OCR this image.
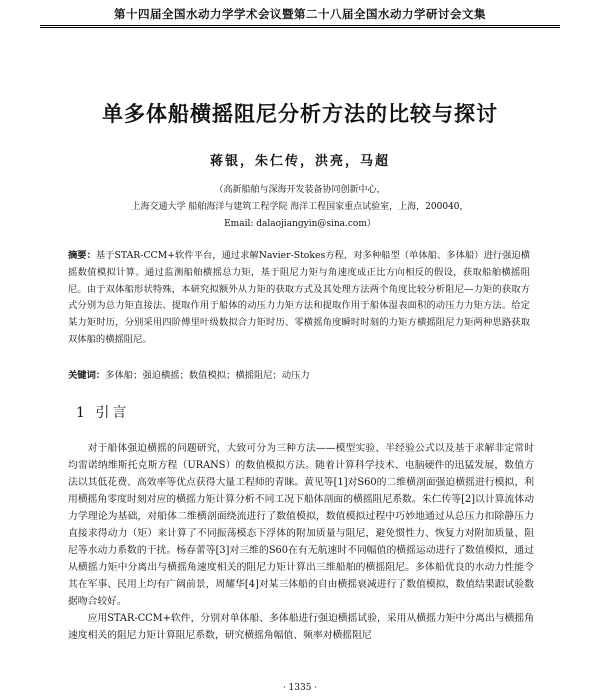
第十四届全国水动力学学术会议暨第二十八届全国水动力学研讨会文集
单多体船横摇阻尼分析方法的比较与探讨
蒋银，朱仁传，洪亮，马超
（高新船舶与深海开发装备协同创新中心，
上海交通大学 船舶海洋与建筑工程学院 海洋工程国家重点试验室，上海，200040，
Email: dalaojiangyin@sina.com）
摘要：基于STAR-CCM+软件平台，通过求解Navier-Stokes方程，对多种船型（单体船、多体船）进行强迫横摇数值模拟计算。通过监测船舶横摇总力矩，基于阻尼力矩与角速度成正比方向相反的假设，获取船舶横摇阻尼。由于双体船形状特殊，本研究拟额外从力矩的获取方式及其处理方法两个角度比较分析阻尼—力矩的获取方式分别为总力矩直接法、提取作用于船体的动压力力矩方法和提取作用于船体湿表面积的动压力力矩方法。给定某力矩时历，分别采用四阶傅里叶级数拟合力矩时历、零横摇角度瞬时时刻的力矩方横摇阻尼力矩两种思路获取双体船的横摇阻尼。
关键词：多体船；强迫横摇；数值模拟；横摇阻尼；动压力
1 引言

对于船体强迫横摇的问题研究，大致可分为三种方法——模型实验、半经验公式以及基于求解非定常时均雷诺纳维斯托克斯方程（URANS）的数值模拟方法。随着计算科学技术、电脑硬件的迅猛发展，数值方法以其低花费、高效率等优点获得大量工程师的青睐。黄见等[1]对S60的二维横剖面强迫横摇进行模拟，利用横摇角零度时刻对应的横摇力矩计算分析不同工况下船体剖面的横摇阻尼系数。朱仁传等[2]以计算流体动力学理论为基础，对船体二维横剖面绕流进行了数值模拟，数值模拟过程中巧妙地通过从总压力扣除静压力直接求得动力（矩）来计算了不同振荡模态下浮体的附加质量与阻尼，避免惯性力、恢复力对附加质量、阻尼等水动力系数的干扰。杨春蕾等[3]对三维的S60在有无航速时不同幅值的横摇运动进行了数值模拟，通过从横摇力矩中分离出与横摇角速度相关的阻尼力矩计算出三维船舶的横摇阻尼。多体船优良的水动力性能令其在军事、民用上均有广阔前景，周耀华[4]对某三体船的自由横摇衰减进行了数值模拟，数值结果跟试验数据吻合较好。

应用STAR-CCM+软件，分别对单体船、多体船进行强迫横摇试验，采用从横摇力矩中分离出与横摇角速度相关的阻尼力矩计算阻尼系数，研究横摇角幅值、频率对横摇阻尼

· 1335 ·
